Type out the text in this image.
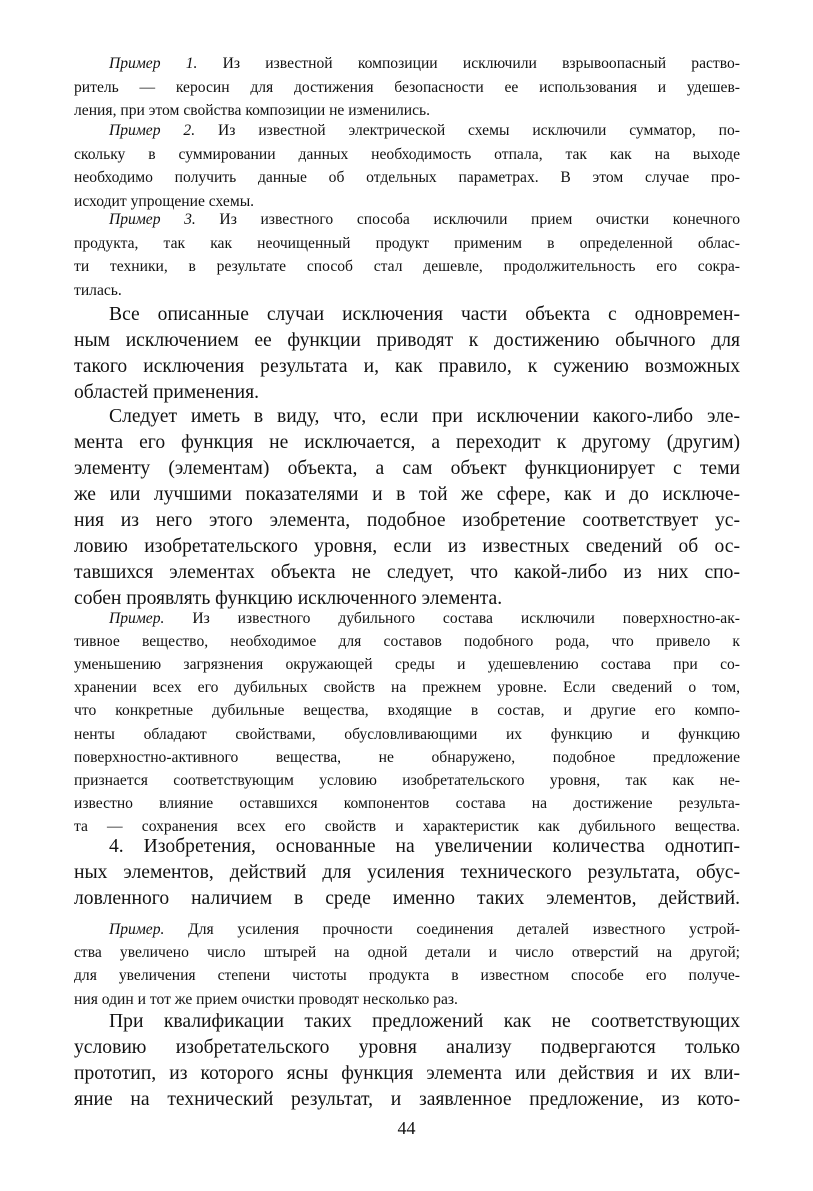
Пример 1. Из известной композиции исключили взрывоопасный раство-
ритель — керосин для достижения безопасности ее использования и удешев-
ления, при этом свойства композиции не изменились.
Пример 2. Из известной электрической схемы исключили сумматор, по-
скольку в суммировании данных необходимость отпала, так как на выходе
необходимо получить данные об отдельных параметрах. В этом случае про-
исходит упрощение схемы.
Пример 3. Из известного способа исключили прием очистки конечного
продукта, так как неочищенный продукт применим в определенной облас-
ти техники, в результате способ стал дешевле, продолжительность его сокра-
тилась.
Все описанные случаи исключения части объекта с одновремен-
ным исключением ее функции приводят к достижению обычного для
такого исключения результата и, как правило, к сужению возможных
областей применения.
Следует иметь в виду, что, если при исключении какого-либо эле-
мента его функция не исключается, а переходит к другому (другим)
элементу (элементам) объекта, а сам объект функционирует с теми
же или лучшими показателями и в той же сфере, как и до исключе-
ния из него этого элемента, подобное изобретение соответствует ус-
ловию изобретательского уровня, если из известных сведений об ос-
тавшихся элементах объекта не следует, что какой-либо из них спо-
собен проявлять функцию исключенного элемента.
Пример. Из известного дубильного состава исключили поверхностно-ак-
тивное вещество, необходимое для составов подобного рода, что привело к
уменьшению загрязнения окружающей среды и удешевлению состава при со-
хранении всех его дубильных свойств на прежнем уровне. Если сведений о том,
что конкретные дубильные вещества, входящие в состав, и другие его компо-
ненты обладают свойствами, обусловливающими их функцию и функцию
поверхностно-активного вещества, не обнаружено, подобное предложение
признается соответствующим условию изобретательского уровня, так как не-
известно влияние оставшихся компонентов состава на достижение результа-
та — сохранения всех его свойств и характеристик как дубильного вещества.
4. Изобретения, основанные на увеличении количества однотип-
ных элементов, действий для усиления технического результата, обус-
ловленного наличием в среде именно таких элементов, действий.
Пример. Для усиления прочности соединения деталей известного устрой-
ства увеличено число штырей на одной детали и число отверстий на другой;
для увеличения степени чистоты продукта в известном способе его получе-
ния один и тот же прием очистки проводят несколько раз.
При квалификации таких предложений как не соответствующих
условию изобретательского уровня анализу подвергаются только
прототип, из которого ясны функция элемента или действия и их вли-
яние на технический результат, и заявленное предложение, из кото-
44
